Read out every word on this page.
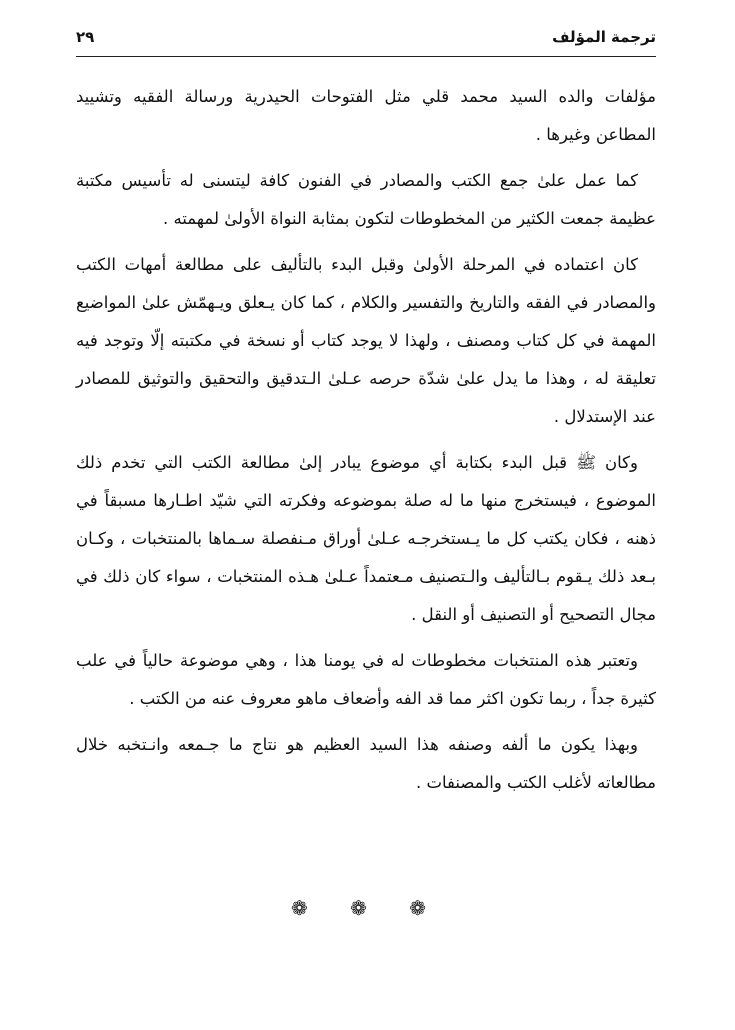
ترجمة المؤلف
٢٩

مؤلفات والده السيد محمد قلي مثل الفتوحات الحيدرية ورسالة الفقيه وتشييد المطاعن وغيرها .

كما عمل علىٰ جمع الكتب والمصادر في الفنون كافة ليتسنى له تأسيس مكتبة عظيمة جمعت الكثير من المخطوطات لتكون بمثابة النواة الأولىٰ لمهمته .

كان اعتماده في المرحلة الأولىٰ وقبل البدء بالتأليف على مطالعة أمهات الكتب والمصادر في الفقه والتاريخ والتفسير والكلام ، كما كان يـعلق ويـهمّش علىٰ المواضيع المهمة في كل كتاب ومصنف ، ولهذا لا يوجد كتاب أو نسخة في مكتبته إلّا وتوجد فيه تعليقة له ، وهذا ما يدل علىٰ شدّة حرصه عـلىٰ الـتدقيق والتحقيق والتوثيق للمصادر عند الإستدلال .

وكان ﷺ قبل البدء بكتابة أي موضوع يبادر إلىٰ مطالعة الكتب التي تخدم ذلك الموضوع ، فيستخرج منها ما له صلة بموضوعه وفكرته التي شيّد اطـارها مسبقاً في ذهنه ، فكان يكتب كل ما يـستخرجـه عـلىٰ أوراق مـنفصلة سـماها بالمنتخبات ، وكـان بـعد ذلك يـقوم بـالتأليف والـتصنيف مـعتمداً عـلىٰ هـذه المنتخبات ، سواء كان ذلك في مجال التصحيح أو التصنيف أو النقل .

وتعتبر هذه المنتخبات مخطوطات له في يومنا هذا ، وهي موضوعة حالياً في علب كثيرة جداً ، ربما تكون اكثر مما قد الفه وأضعاف ماهو معروف عنه من الكتب .

وبهذا يكون ما ألفه وصنفه هذا السيد العظيم هو نتاج ما جـمعه وانـتخبه خلال مطالعاته لأغلب الكتب والمصنفات .

❁ ❁ ❁
